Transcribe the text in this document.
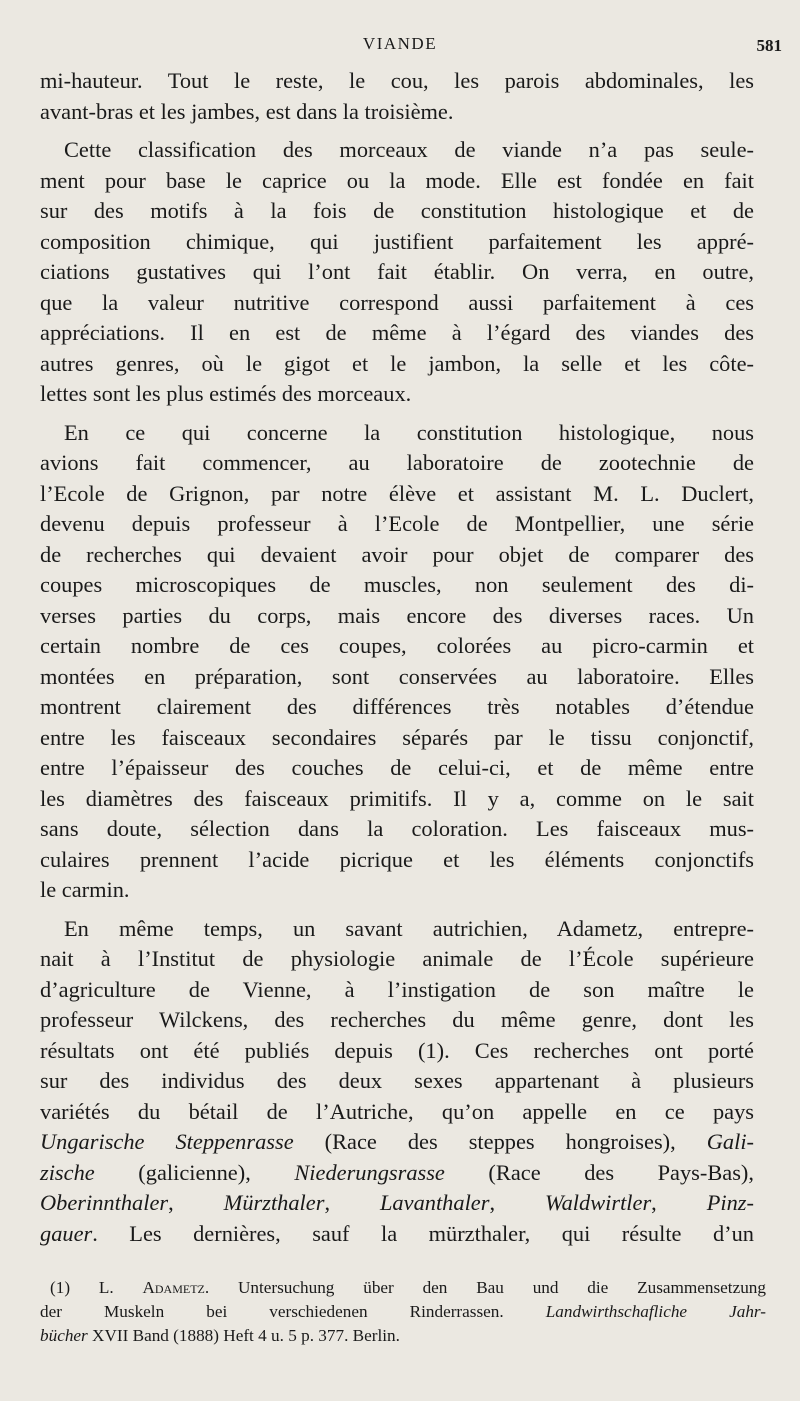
VIANDE	581
mi-hauteur. Tout le reste, le cou, les parois abdominales, les
avant-bras et les jambes, est dans la troisième.
Cette classification des morceaux de viande n’a pas seule-
ment pour base le caprice ou la mode. Elle est fondée en fait
sur des motifs à la fois de constitution histologique et de
composition chimique, qui justifient parfaitement les appré-
ciations gustatives qui l’ont fait établir. On verra, en outre,
que la valeur nutritive correspond aussi parfaitement à ces
appréciations. Il en est de même à l’égard des viandes des
autres genres, où le gigot et le jambon, la selle et les côte-
lettes sont les plus estimés des morceaux.
En ce qui concerne la constitution histologique, nous
avions fait commencer, au laboratoire de zootechnie de
l’Ecole de Grignon, par notre élève et assistant M. L. Duclert,
devenu depuis professeur à l’Ecole de Montpellier, une série
de recherches qui devaient avoir pour objet de comparer des
coupes microscopiques de muscles, non seulement des di-
verses parties du corps, mais encore des diverses races. Un
certain nombre de ces coupes, colorées au picro-carmin et
montées en préparation, sont conservées au laboratoire. Elles
montrent clairement des différences très notables d’étendue
entre les faisceaux secondaires séparés par le tissu conjonctif,
entre l’épaisseur des couches de celui-ci, et de même entre
les diamètres des faisceaux primitifs. Il y a, comme on le sait
sans doute, sélection dans la coloration. Les faisceaux mus-
culaires prennent l’acide picrique et les éléments conjonctifs
le carmin.
En même temps, un savant autrichien, Adametz, entrepre-
nait à l’Institut de physiologie animale de l’École supérieure
d’agriculture de Vienne, à l’instigation de son maître le
professeur Wilckens, des recherches du même genre, dont les
résultats ont été publiés depuis (1). Ces recherches ont porté
sur des individus des deux sexes appartenant à plusieurs
variétés du bétail de l’Autriche, qu’on appelle en ce pays
Ungarische Steppenrasse (Race des steppes hongroises), Gali-
zische (galicienne), Niederungsrasse (Race des Pays-Bas),
Oberinnthaler, Mürzthaler, Lavanthaler, Waldwirtler, Pinz-
gauer. Les dernières, sauf la mürzthaler, qui résulte d’un
(1) L. Adametz. Untersuchung über den Bau und die Zusammensetzung
der Muskeln bei verschiedenen Rinderrassen. Landwirthschafliche Jahr-
bücher XVII Band (1888) Heft 4 u. 5 p. 377. Berlin.
